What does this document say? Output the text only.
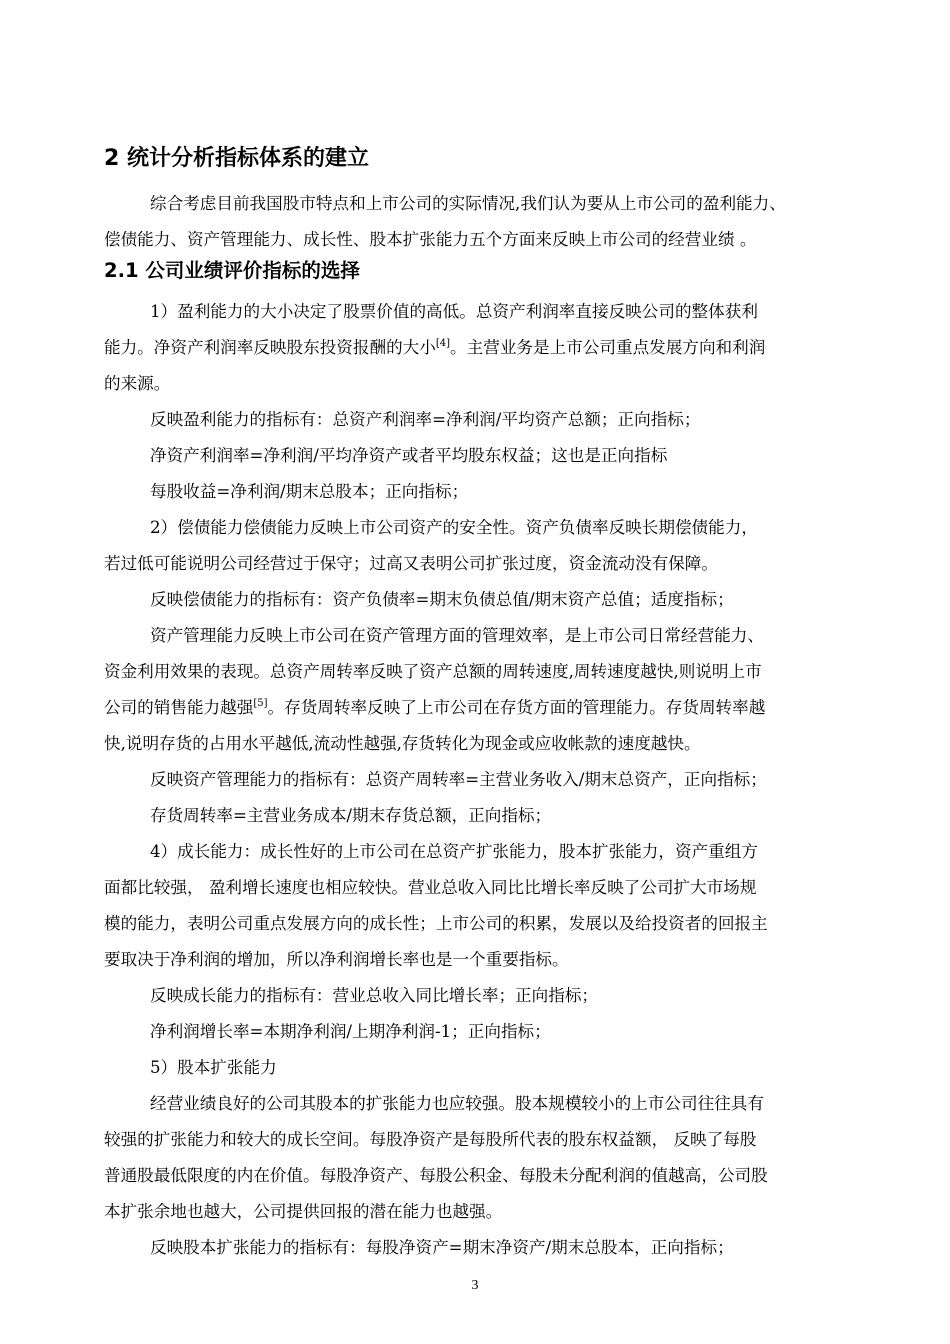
2 统计分析指标体系的建立
综合考虑目前我国股市特点和上市公司的实际情况,我们认为要从上市公司的盈利能力、
偿债能力、资产管理能力、成长性、股本扩张能力五个方面来反映上市公司的经营业绩 。
2.1 公司业绩评价指标的选择
1）盈利能力的大小决定了股票价值的高低。总资产利润率直接反映公司的整体获利
能力。净资产利润率反映股东投资报酬的大小[4]。主营业务是上市公司重点发展方向和利润
的来源。
反映盈利能力的指标有：总资产利润率=净利润/平均资产总额；正向指标；
净资产利润率=净利润/平均净资产或者平均股东权益；这也是正向指标
每股收益=净利润/期末总股本；正向指标；
2）偿债能力偿债能力反映上市公司资产的安全性。资产负债率反映长期偿债能力，
若过低可能说明公司经营过于保守；过高又表明公司扩张过度，资金流动没有保障。
反映偿债能力的指标有：资产负债率=期末负债总值/期末资产总值；适度指标；
资产管理能力反映上市公司在资产管理方面的管理效率，是上市公司日常经营能力、
资金利用效果的表现。总资产周转率反映了资产总额的周转速度,周转速度越快,则说明上市
公司的销售能力越强[5]。存货周转率反映了上市公司在存货方面的管理能力。存货周转率越
快,说明存货的占用水平越低,流动性越强,存货转化为现金或应收帐款的速度越快。
反映资产管理能力的指标有：总资产周转率=主营业务收入/期末总资产，正向指标；
存货周转率=主营业务成本/期末存货总额，正向指标；
4）成长能力：成长性好的上市公司在总资产扩张能力，股本扩张能力，资产重组方
面都比较强， 盈利增长速度也相应较快。营业总收入同比比增长率反映了公司扩大市场规
模的能力，表明公司重点发展方向的成长性；上市公司的积累，发展以及给投资者的回报主
要取决于净利润的增加，所以净利润增长率也是一个重要指标。
反映成长能力的指标有：营业总收入同比增长率；正向指标；
净利润增长率=本期净利润/上期净利润-1；正向指标；
5）股本扩张能力
经营业绩良好的公司其股本的扩张能力也应较强。股本规模较小的上市公司往往具有
较强的扩张能力和较大的成长空间。每股净资产是每股所代表的股东权益额， 反映了每股
普通股最低限度的内在价值。每股净资产、每股公积金、每股未分配利润的值越高，公司股
本扩张余地也越大，公司提供回报的潜在能力也越强。
反映股本扩张能力的指标有：每股净资产=期末净资产/期末总股本，正向指标；
3
